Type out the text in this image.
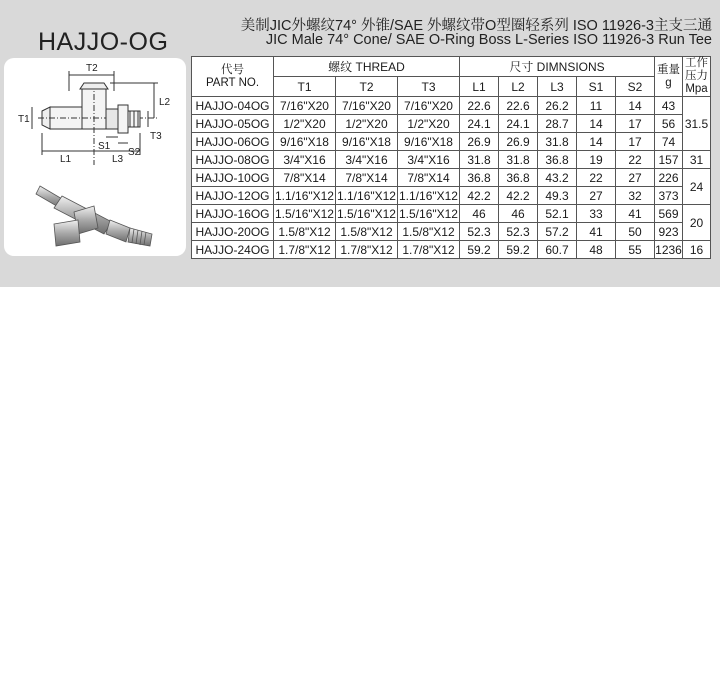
HAJJO-OG
美制JIC外螺纹74° 外锥/SAE 外螺纹带O型圈轻系列 ISO 11926-3主支三通
JIC Male 74° Cone/ SAE O-Ring Boss L-Series ISO 11926-3 Run Tee
T2
T1
L1	L3
L2
T3
S1
S2
代号
PART NO.	螺纹 THREAD			尺寸 DIMNSIONS					重量
g	工作
压力
Mpa
	T1	T2	T3	L1	L2	L3	S1	S2		
HAJJO-04OG	7/16"X20	7/16"X20	7/16"X20	22.6	22.6	26.2	11	14	43	31.5
HAJJO-05OG	1/2"X20	1/2"X20	1/2"X20	24.1	24.1	28.7	14	17	56	
HAJJO-06OG	9/16"X18	9/16"X18	9/16"X18	26.9	26.9	31.8	14	17	74	
HAJJO-08OG	3/4"X16	3/4"X16	3/4"X16	31.8	31.8	36.8	19	22	157	31
HAJJO-10OG	7/8"X14	7/8"X14	7/8"X14	36.8	36.8	43.2	22	27	226	24
HAJJO-12OG	1.1/16"X12	1.1/16"X12	1.1/16"X12	42.2	42.2	49.3	27	32	373	
HAJJO-16OG	1.5/16"X12	1.5/16"X12	1.5/16"X12	46	46	52.1	33	41	569	20
HAJJO-20OG	1.5/8"X12	1.5/8"X12	1.5/8"X12	52.3	52.3	57.2	41	50	923	
HAJJO-24OG	1.7/8"X12	1.7/8"X12	1.7/8"X12	59.2	59.2	60.7	48	55	1236	16
